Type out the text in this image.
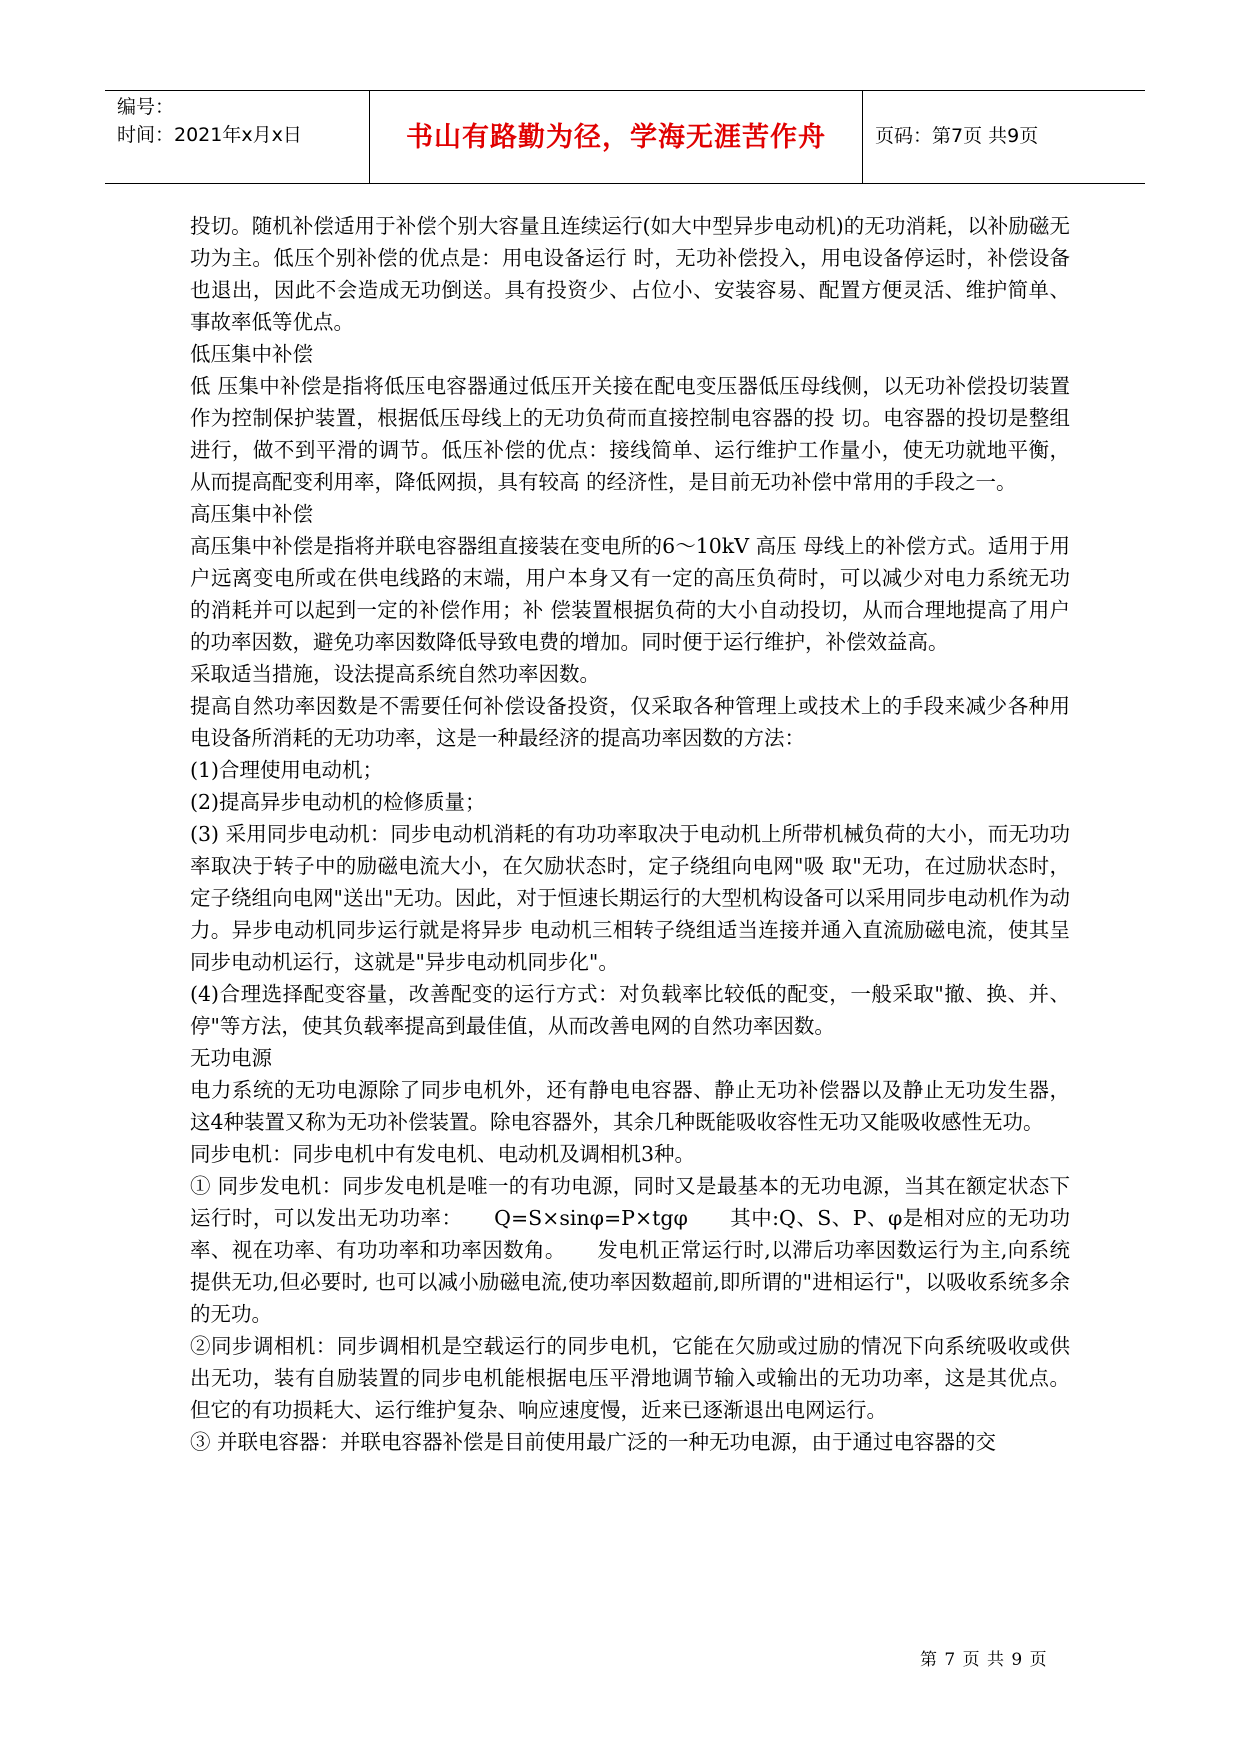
编号：
时间：2021年x月x日	书山有路勤为径，学海无涯苦作舟	页码：第7页 共9页

投切。随机补偿适用于补偿个别大容量且连续运行(如大中型异步电动机)的无功消耗，以补励磁无功为主。低压个别补偿的优点是：用电设备运行 时，无功补偿投入，用电设备停运时，补偿设备也退出，因此不会造成无功倒送。具有投资少、占位小、安装容易、配置方便灵活、维护简单、事故率低等优点。

低压集中补偿

低 压集中补偿是指将低压电容器通过低压开关接在配电变压器低压母线侧，以无功补偿投切装置作为控制保护装置，根据低压母线上的无功负荷而直接控制电容器的投 切。电容器的投切是整组进行，做不到平滑的调节。低压补偿的优点：接线简单、运行维护工作量小，使无功就地平衡，从而提高配变利用率，降低网损，具有较高 的经济性，是目前无功补偿中常用的手段之一。

高压集中补偿

高压集中补偿是指将并联电容器组直接装在变电所的6～10kV 高压 母线上的补偿方式。适用于用户远离变电所或在供电线路的末端，用户本身又有一定的高压负荷时，可以减少对电力系统无功的消耗并可以起到一定的补偿作用；补 偿装置根据负荷的大小自动投切，从而合理地提高了用户的功率因数，避免功率因数降低导致电费的增加。同时便于运行维护，补偿效益高。

采取适当措施，设法提高系统自然功率因数。

提高自然功率因数是不需要任何补偿设备投资，仅采取各种管理上或技术上的手段来减少各种用电设备所消耗的无功功率，这是一种最经济的提高功率因数的方法：

(1)合理使用电动机；

(2)提高异步电动机的检修质量；

(3) 采用同步电动机：同步电动机消耗的有功功率取决于电动机上所带机械负荷的大小，而无功功率取决于转子中的励磁电流大小，在欠励状态时，定子绕组向电网"吸 取"无功，在过励状态时，定子绕组向电网"送出"无功。因此，对于恒速长期运行的大型机构设备可以采用同步电动机作为动力。异步电动机同步运行就是将异步 电动机三相转子绕组适当连接并通入直流励磁电流，使其呈同步电动机运行，这就是"异步电动机同步化"。

(4)合理选择配变容量，改善配变的运行方式：对负载率比较低的配变，一般采取"撤、换、并、停"等方法，使其负载率提高到最佳值，从而改善电网的自然功率因数。

无功电源

电力系统的无功电源除了同步电机外，还有静电电容器、静止无功补偿器以及静止无功发生器，这4种装置又称为无功补偿装置。除电容器外，其余几种既能吸收容性无功又能吸收感性无功。

同步电机：同步电机中有发电机、电动机及调相机3种。

① 同步发电机：同步发电机是唯一的有功电源，同时又是最基本的无功电源，当其在额定状态下运行时，可以发出无功功率：　　Q=S×sinφ=P×tgφ　　其中:Q、S、P、φ是相对应的无功功率、视在功率、有功功率和功率因数角。　　发电机正常运行时,以滞后功率因数运行为主,向系统提供无功,但必要时, 也可以减小励磁电流,使功率因数超前,即所谓的"进相运行"，以吸收系统多余的无功。

②同步调相机：同步调相机是空载运行的同步电机，它能在欠励或过励的情况下向系统吸收或供出无功，装有自励装置的同步电机能根据电压平滑地调节输入或输出的无功功率，这是其优点。但它的有功损耗大、运行维护复杂、响应速度慢，近来已逐渐退出电网运行。

③ 并联电容器：并联电容器补偿是目前使用最广泛的一种无功电源，由于通过电容器的交

第 7 页 共 9 页
